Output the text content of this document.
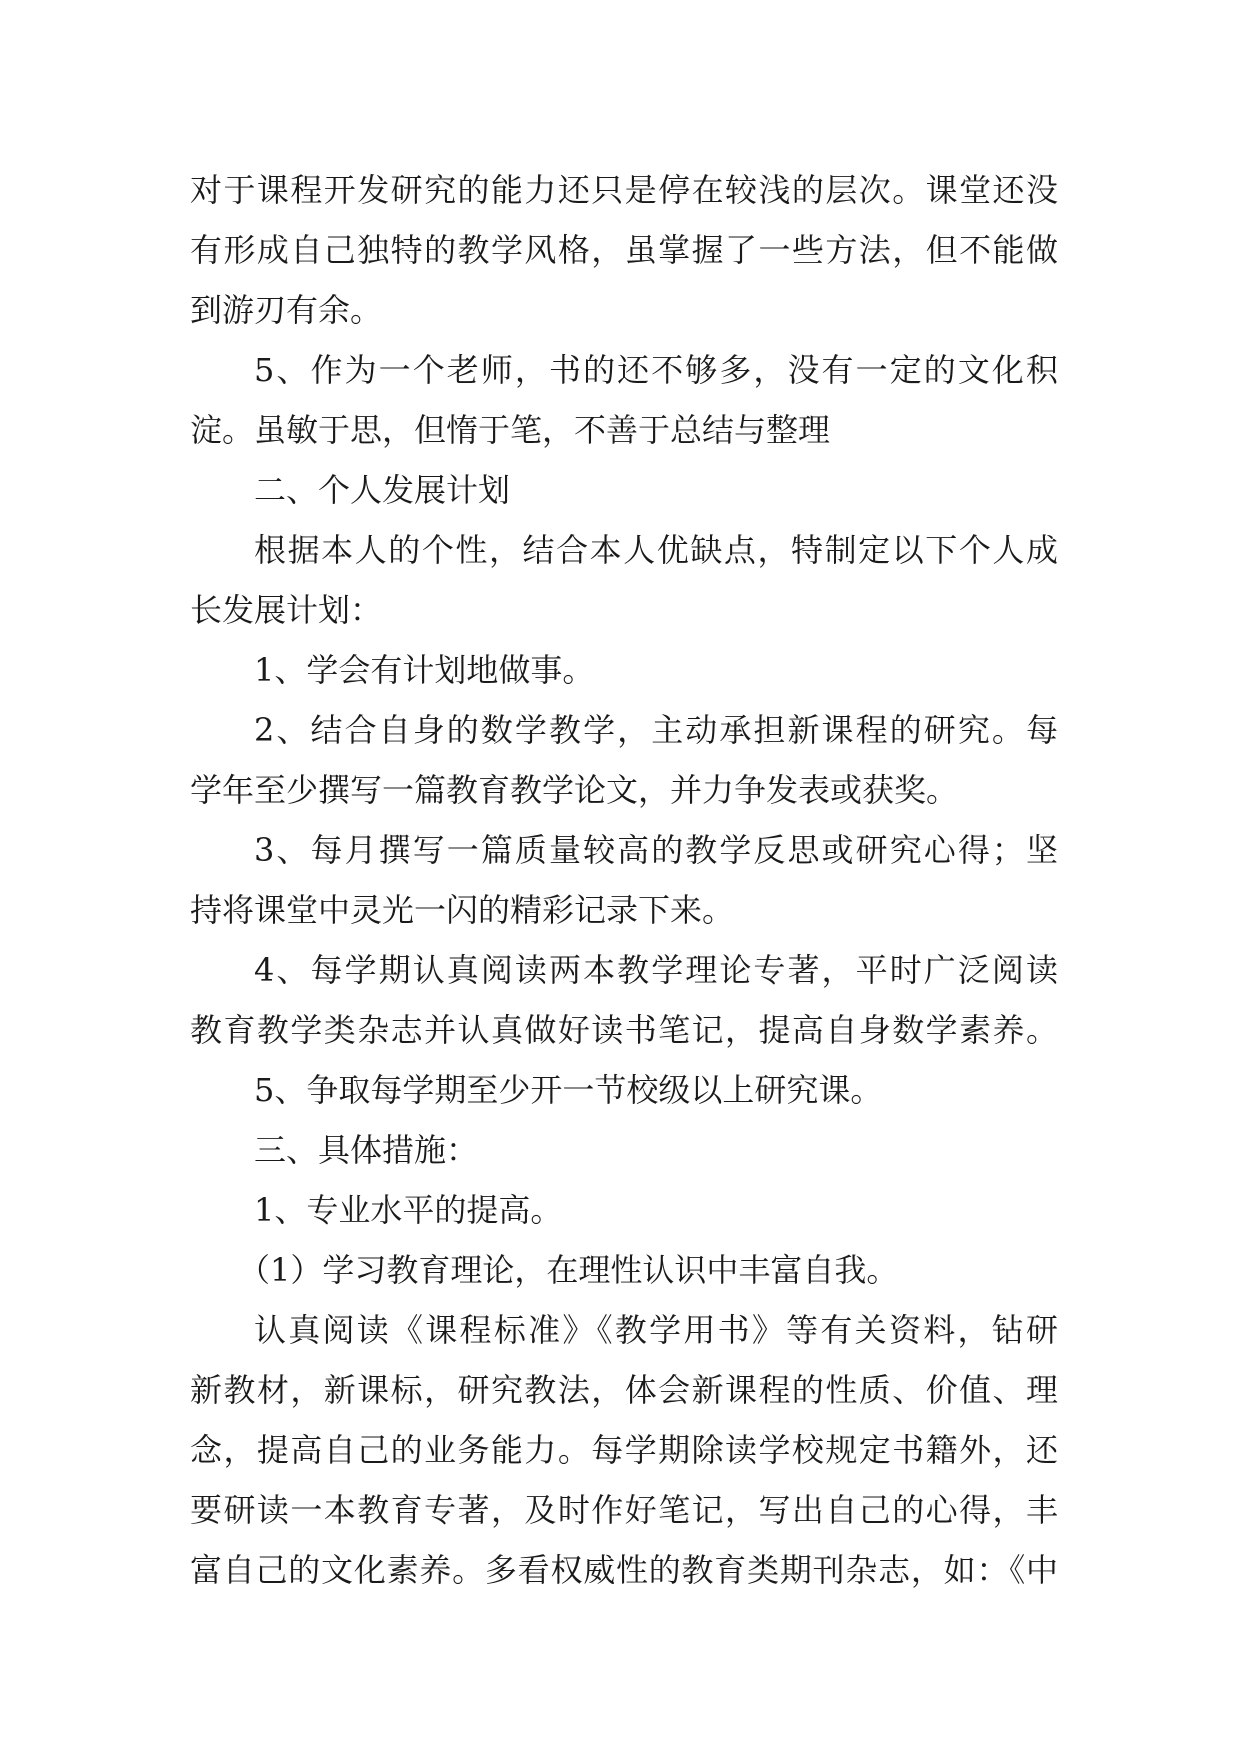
对于课程开发研究的能力还只是停在较浅的层次。课堂还没
有形成自己独特的教学风格，虽掌握了一些方法，但不能做
到游刃有余。
5、作为一个老师，书的还不够多，没有一定的文化积
淀。虽敏于思，但惰于笔，不善于总结与整理
二、个人发展计划
根据本人的个性，结合本人优缺点，特制定以下个人成
长发展计划：
1、学会有计划地做事。
2、结合自身的数学教学，主动承担新课程的研究。每
学年至少撰写一篇教育教学论文，并力争发表或获奖。
3、每月撰写一篇质量较高的教学反思或研究心得；坚
持将课堂中灵光一闪的精彩记录下来。
4、每学期认真阅读两本教学理论专著，平时广泛阅读
教育教学类杂志并认真做好读书笔记，提高自身数学素养。
5、争取每学期至少开一节校级以上研究课。
三、具体措施：
1、专业水平的提高。
（1）学习教育理论，在理性认识中丰富自我。
认真阅读《课程标准》《教学用书》等有关资料，钻研
新教材，新课标，研究教法，体会新课程的性质、价值、理
念，提高自己的业务能力。每学期除读学校规定书籍外，还
要研读一本教育专著，及时作好笔记，写出自己的心得，丰
富自己的文化素养。多看权威性的教育类期刊杂志，如：《中
